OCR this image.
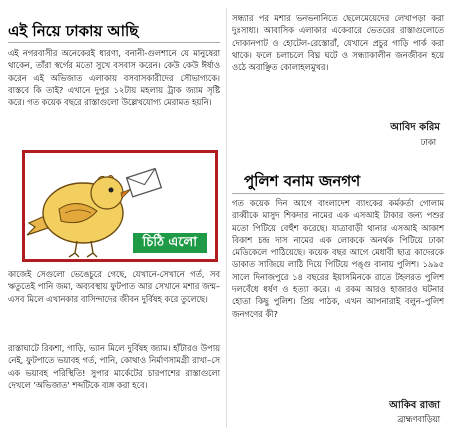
এই নিয়ে ঢাকায় আছি

এই নগরবাসীর অনেকেরই ধারণা, বনানী-গুলশানে যে মানুষেরা থাকেন, তাঁরা স্বর্গের মতো সুখে বসবাস করেন। কেউ কেউ ঈর্ষাও করেন এই অভিজাত এলাকায় বসবাসকারীদের সৌভাগ্যকে। বাস্তবে কি তাই? এখানে দুপুর ১২টায় মহলায় ট্রাক জ্যাম সৃষ্টি করে। গত কয়েক বছরে রাস্তাগুলো উল্লেখযোগ্য মেরামত হয়নি।

কাজেই সেগুলো ভেঙেচুরে গেছে, যেখানে-সেখানে গর্ত, সব ঋতুতেই পানি জমা, অব্যবস্থায় ফুটপাত আর সেখানে মশার জন্ম–এসব মিলে এখানকার বাসিন্দাদের জীবন দুর্বিষহ করে তুলেছে।

রাস্তাঘাটে রিকশা, গাড়ি, ভ্যান মিলে দুর্বিষহ জ্যাম। হাঁটারও উপায় নেই, ফুটপাতে ভয়াবহ গর্ত, পানি, কোথাও নির্মাণসামগ্রী রাখা–সে এক ভয়াবহ পরিস্থিতি! সুপার মার্কেটের চারপাশের রাস্তাগুলো দেখলে 'অভিজাত' শব্দটিকে ব্যঙ্গ করা হবে।

চিঠি এলো

সন্ধ্যার পর মশার ভনভনানিতে ছেলেমেয়েদের লেখাপড়া করা দুঃসাধ্য। আবাসিক এলাকার একেবারে ভেতরের রাস্তাগুলোতে দোকানপাট ও হোটেল-রেস্তোরাঁ, যেখানে প্রচুর গাড়ি পার্ক করা থাকে। ফলে চলাচলে বিঘ্ন ঘটে ও সন্ধ্যাকালীন জনজীবন হয়ে ওঠে অবাঞ্ছিত কোলাহলমুখর।

আবিদ করিম
ঢাকা
পুলিশ বনাম জনগণ

গত কয়েক দিন আগে বাংলাদেশ ব্যাংকের কর্মকর্তা গোলাম রাব্বীকে মাসুদ শিকদার নামের এক এসআই টাকার জন্য পশুর মতো পিটিয়ে বেহুঁশ করেছে। যাত্রাবাড়ী থানার এসআই আকাশ বিকাশ চন্দ্র দাস নামের এক লোককে অনর্থক পিটিয়ে ঢাকা মেডিকেলে পাঠিয়েছে। কয়েক বছর আগে মেধাবী ছাত্র কাদেরকে ডাকাত সাজিয়ে লাঠি দিয়ে পিটিয়ে পঙ্গু বানায় পুলিশ। ১৯৯৫ সালে দিনাজপুরে ১৪ বছরের ইয়াসমিনকে রাতে টহলরত পুলিশ দলবেঁধে ধর্ষণ ও হত্যা করে। এ রকম আরও হাজারও ঘটনার হোতা কিছু পুলিশ। প্রিয় পাঠক, এখন আপনারাই বলুন–পুলিশ জনগণের কী?

আকিব রাজা
ব্রাহ্মণবাড়িয়া
